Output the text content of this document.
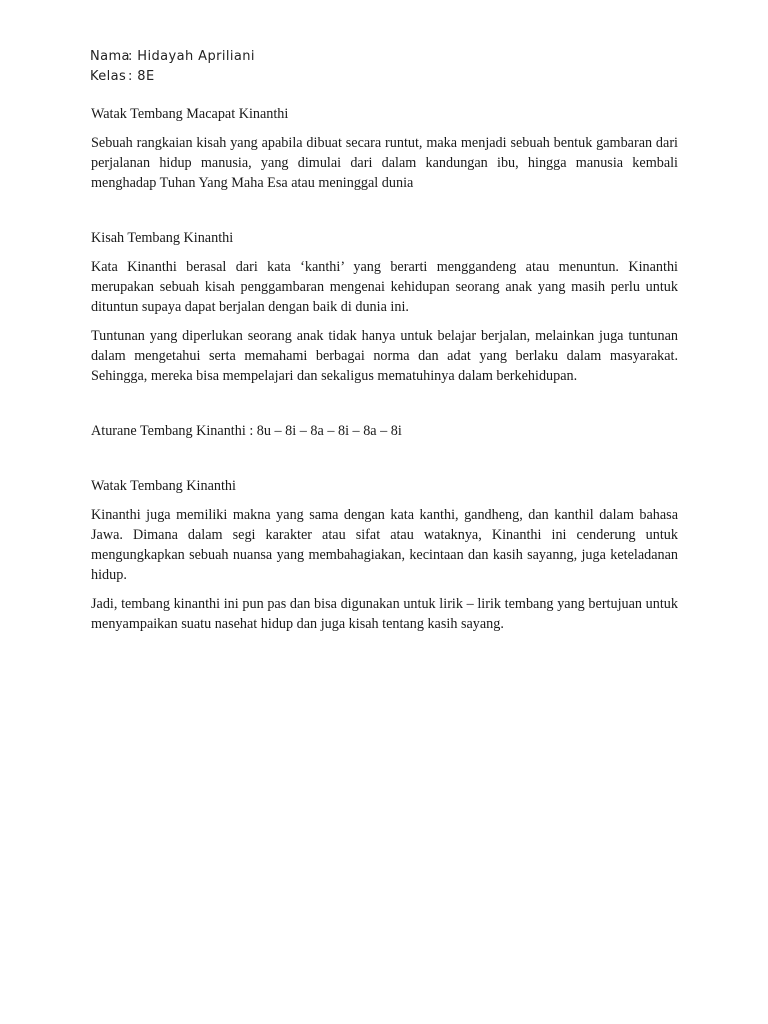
Nama
: Hidayah Apriliani
Kelas : 8E

Watak Tembang Macapat Kinanthi

Sebuah rangkaian kisah yang apabila dibuat secara runtut, maka menjadi sebuah bentuk gambaran dari perjalanan hidup manusia, yang dimulai dari dalam kandungan ibu, hingga manusia kembali menghadap Tuhan Yang Maha Esa atau meninggal dunia

Kisah Tembang Kinanthi

Kata Kinanthi berasal dari kata ‘kanthi’ yang berarti menggandeng atau menuntun. Kinanthi merupakan sebuah kisah penggambaran mengenai kehidupan seorang anak yang masih perlu untuk dituntun supaya dapat berjalan dengan baik di dunia ini.

Tuntunan yang diperlukan seorang anak tidak hanya untuk belajar berjalan, melainkan juga tuntunan dalam mengetahui serta memahami berbagai norma dan adat yang berlaku dalam masyarakat. Sehingga, mereka bisa mempelajari dan sekaligus mematuhinya dalam berkehidupan.

Aturane Tembang Kinanthi : 8u – 8i – 8a – 8i – 8a – 8i

Watak Tembang Kinanthi

Kinanthi juga memiliki makna yang sama dengan kata kanthi, gandheng, dan kanthil dalam bahasa Jawa. Dimana dalam segi karakter atau sifat atau wataknya, Kinanthi ini cenderung untuk mengungkapkan sebuah nuansa yang membahagiakan, kecintaan dan kasih sayanng, juga keteladanan hidup.

Jadi, tembang kinanthi ini pun pas dan bisa digunakan untuk lirik – lirik tembang yang bertujuan untuk menyampaikan suatu nasehat hidup dan juga kisah tentang kasih sayang.
